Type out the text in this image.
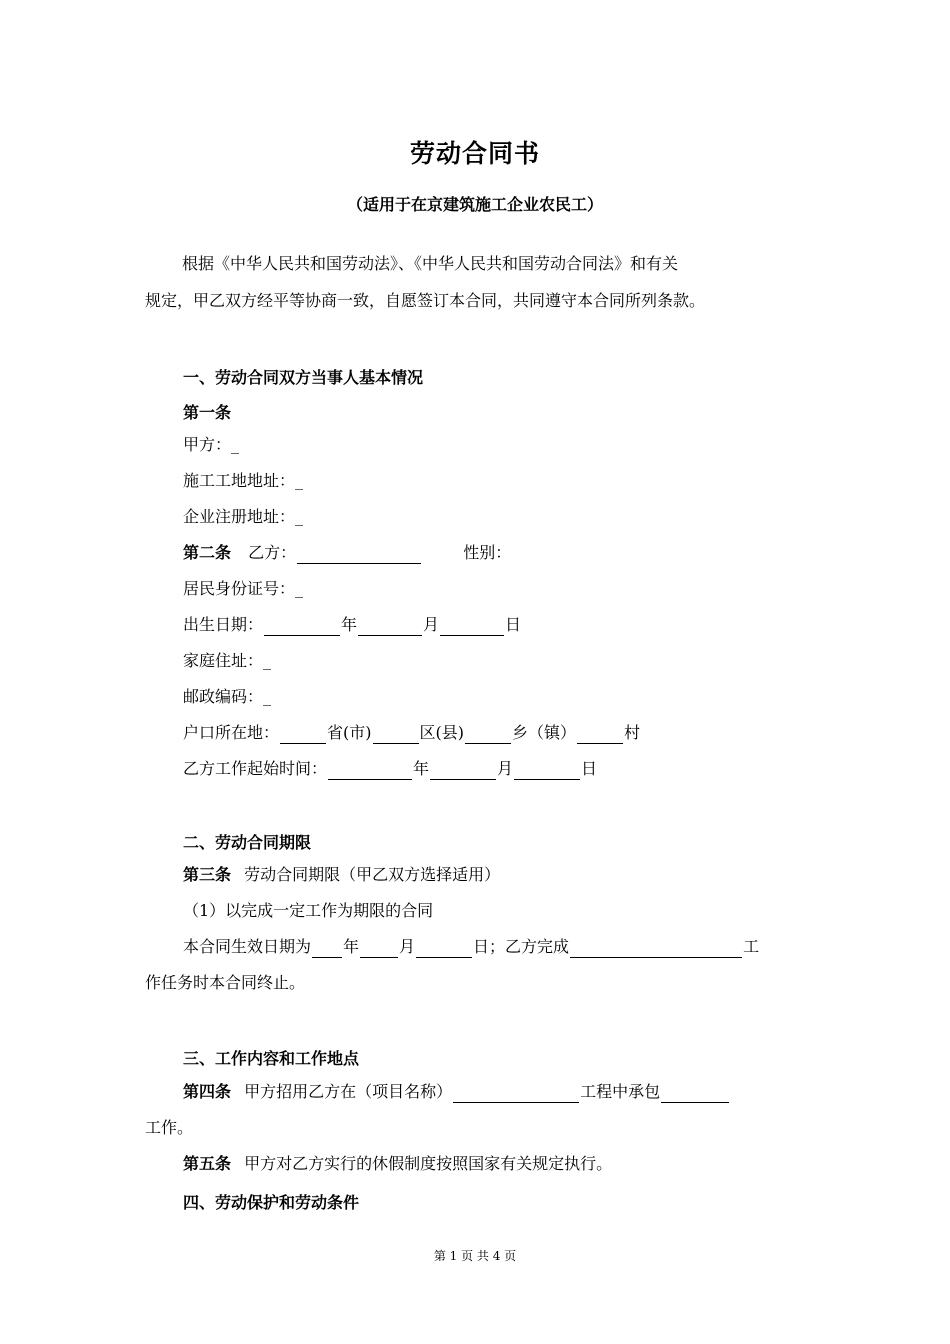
劳动合同书
（适用于在京建筑施工企业农民工）
根据《中华人民共和国劳动法》、《中华人民共和国劳动合同法》和有关
规定，甲乙双方经平等协商一致，自愿签订本合同，共同遵守本合同所列条款。
一、劳动合同双方当事人基本情况
第一条
甲方：_
施工工地地址：_
企业注册地址：_
第二条 乙方：	性别：
居民身份证号：_
出生日期：	年	月	日
家庭住址：_
邮政编码：_
户口所在地：	省(市)	区(县)	乡（镇）	村
乙方工作起始时间：	年	月	日
二、劳动合同期限
第三条 劳动合同期限（甲乙双方选择适用）
（1）以完成一定工作为期限的合同
本合同生效日期为 年	月	日；乙方完成	工
作任务时本合同终止。
三、工作内容和工作地点
第四条 甲方招用乙方在（项目名称）	工程中承包
工作。
第五条 甲方对乙方实行的休假制度按照国家有关规定执行。
四、劳动保护和劳动条件
第 1 页 共 4 页
